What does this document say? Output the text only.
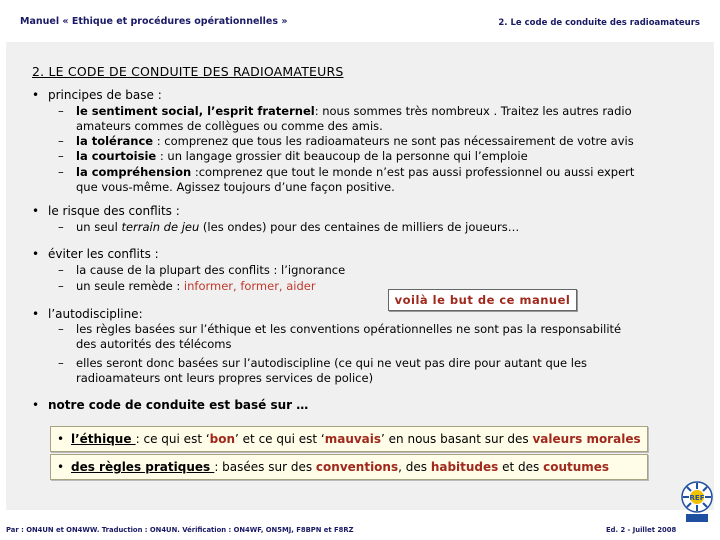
Manuel « Ethique et procédures opérationnelles »	2. Le code de conduite des radioamateurs
2. LE CODE DE CONDUITE DES RADIOAMATEURS
• principes de base :
– le sentiment social, l’esprit fraternel: nous sommes très nombreux . Traitez les autres radio
amateurs commes de collègues ou comme des amis.
– la tolérance : comprenez que tous les radioamateurs ne sont pas nécessairement de votre avis
– la courtoisie : un langage grossier dit beaucoup de la personne qui l’emploie
– la compréhension :comprenez que tout le monde n’est pas aussi professionnel ou aussi expert
que vous-même. Agissez toujours d’une façon positive.
• le risque des conflits :
– un seul terrain de jeu (les ondes) pour des centaines de milliers de joueurs…
• éviter les conflits :
– la cause de la plupart des conflits : l’ignorance
– un seule remède : informer, former, aider
voilà le but de ce manuel
• l’autodiscipline:
– les règles basées sur l’éthique et les conventions opérationnelles ne sont pas la responsabilité
des autorités des télécoms
– elles seront donc basées sur l’autodiscipline (ce qui ne veut pas dire pour autant que les
radioamateurs ont leurs propres services de police)
• notre code de conduite est basé sur …
• l’éthique : ce qui est ‘bon’ et ce qui est ‘mauvais’ en nous basant sur des valeurs morales
• des règles pratiques : basées sur des conventions, des habitudes et des coutumes
REF
Par : ON4UN et ON4WW. Traduction : ON4UN. Vérification : ON4WF, ON5MJ, F8BPN et F8RZ	Ed. 2 - Juillet 2008
